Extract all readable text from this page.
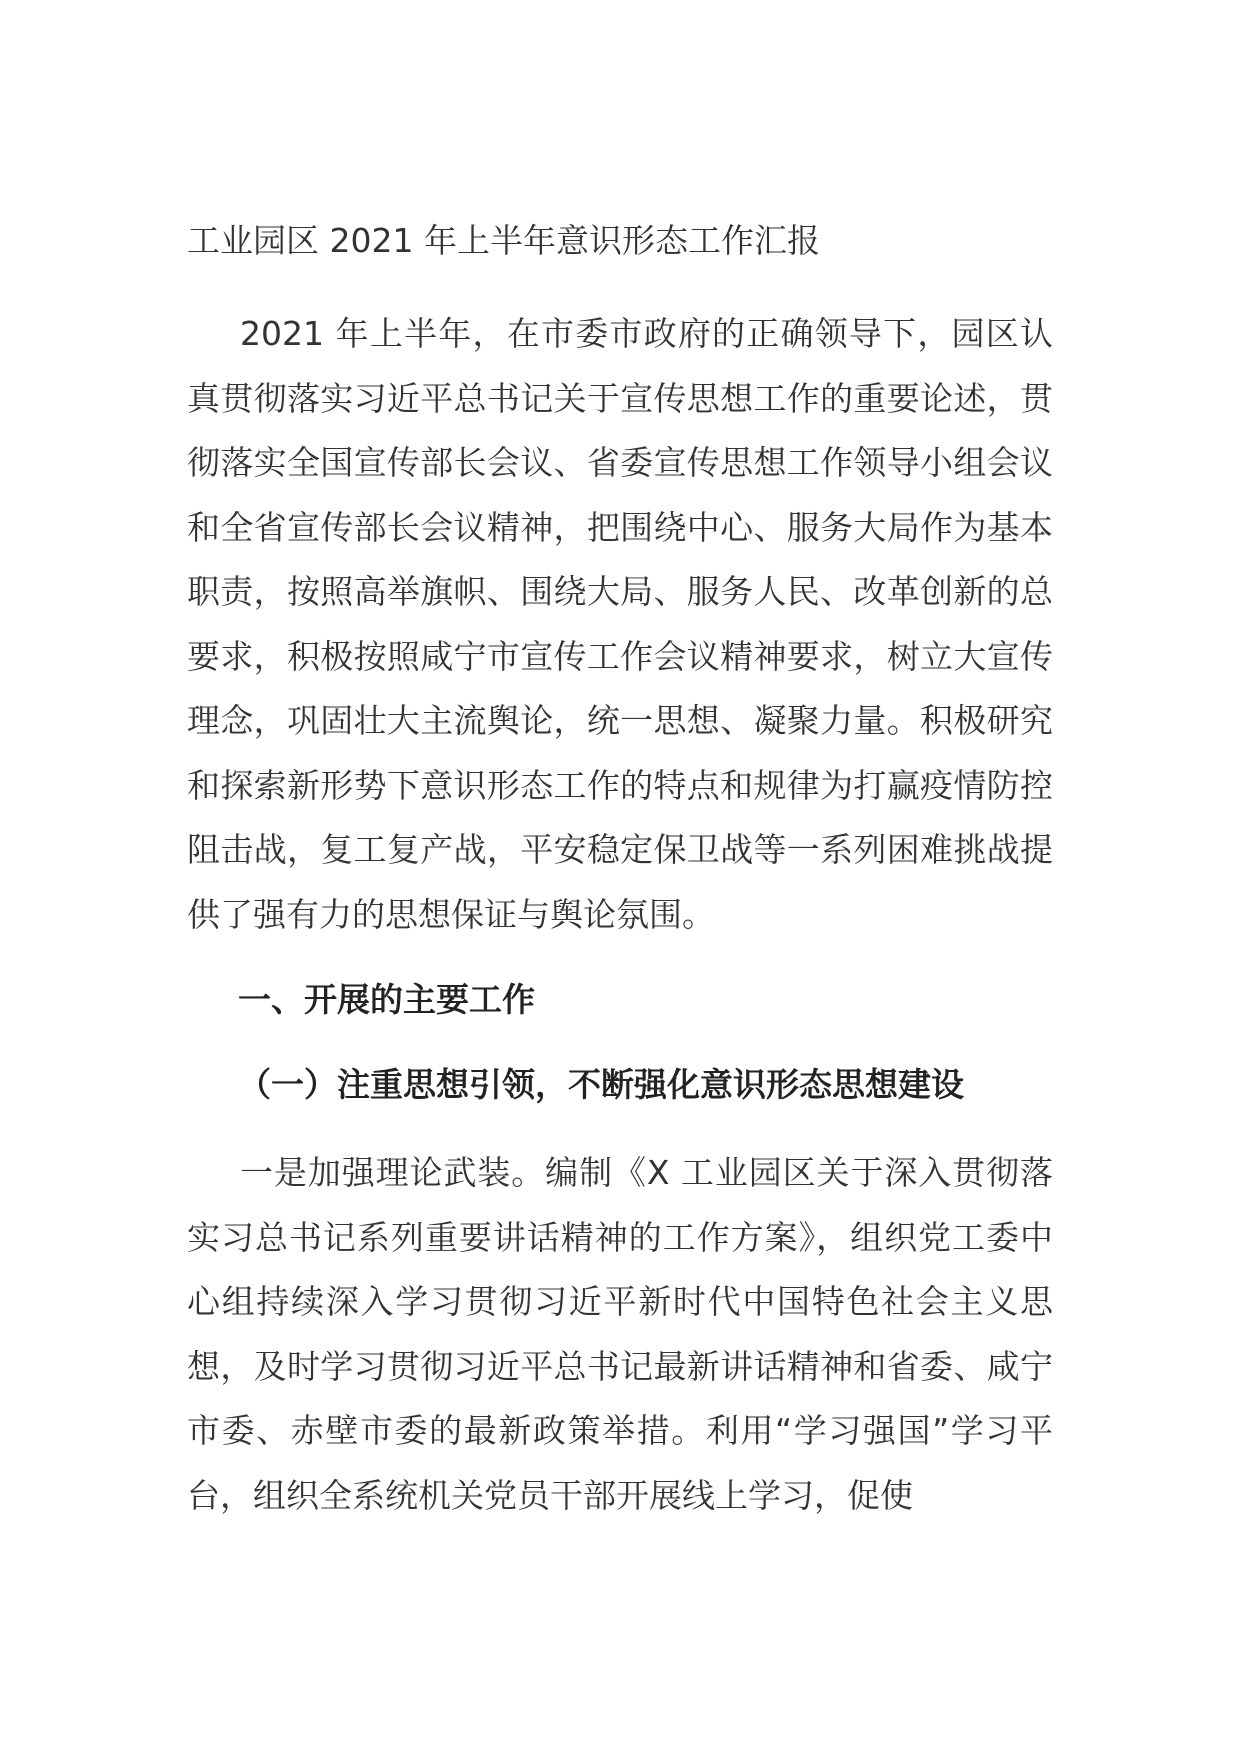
工业园区 2021 年上半年意识形态工作汇报

2021 年上半年，在市委市政府的正确领导下，园区认真贯彻落实习近平总书记关于宣传思想工作的重要论述，贯彻落实全国宣传部长会议、省委宣传思想工作领导小组会议和全省宣传部长会议精神，把围绕中心、服务大局作为基本职责，按照高举旗帜、围绕大局、服务人民、改革创新的总要求，积极按照咸宁市宣传工作会议精神要求，树立大宣传理念，巩固壮大主流舆论，统一思想、凝聚力量。积极研究和探索新形势下意识形态工作的特点和规律为打赢疫情防控阻击战，复工复产战，平安稳定保卫战等一系列困难挑战提供了强有力的思想保证与舆论氛围。

一、开展的主要工作
（一）注重思想引领，不断强化意识形态思想建设

一是加强理论武装。编制《X 工业园区关于深入贯彻落实习总书记系列重要讲话精神的工作方案》，组织党工委中心组持续深入学习贯彻习近平新时代中国特色社会主义思想，及时学习贯彻习近平总书记最新讲话精神和省委、咸宁市委、赤壁市委的最新政策举措。利用“学习强国”学习平台，组织全系统机关党员干部开展线上学习，促使
